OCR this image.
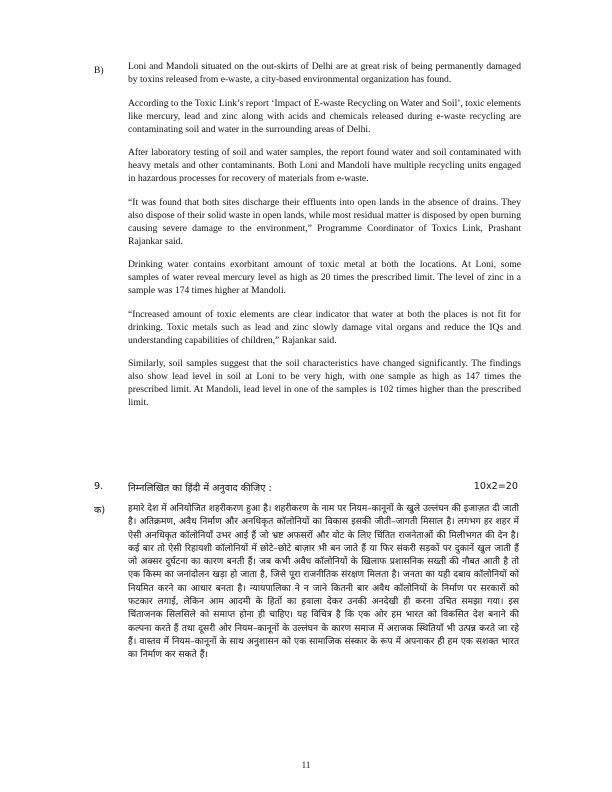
B)	Loni and Mandoli situated on the out-skirts of Delhi are at great risk of being permanently damaged by toxins released from e-waste, a city-based environmental organization has found.

According to the Toxic Link’s report ‘Impact of E-waste Recycling on Water and Soil’, toxic elements like mercury, lead and zinc along with acids and chemicals released during e-waste recycling are contaminating soil and water in the surrounding areas of Delhi.

After laboratory testing of soil and water samples, the report found water and soil contaminated with heavy metals and other contaminants. Both Loni and Mandoli have multiple recycling units engaged in hazardous processes for recovery of materials from e-waste.

“It was found that both sites discharge their effluents into open lands in the absence of drains. They also dispose of their solid waste in open lands, while most residual matter is disposed by open burning causing severe damage to the environment,” Programme Coordinator of Toxics Link, Prashant Rajankar said.

Drinking water contains exorbitant amount of toxic metal at both the locations. At Loni, some samples of water reveal mercury level as high as 20 times the prescribed limit. The level of zinc in a sample was 174 times higher at Mandoli.

“Increased amount of toxic elements are clear indicator that water at both the places is not fit for drinking. Toxic metals such as lead and zinc slowly damage vital organs and reduce the IQs and understanding capabilities of children,” Rajankar said.

Similarly, soil samples suggest that the soil characteristics have changed significantly. The findings also show lead level in soil at Loni to be very high, with one sample as high as 147 times the prescribed limit. At Mandoli, lead level in one of the samples is 102 times higher than the prescribed limit.

9.	निम्नलिखित का हिंदी में अनुवाद कीजिए :	10x2=20
क)	हमारे देश में अनियोजित शहरीकरण हुआ है। शहरीकरण के नाम पर नियम–कानूनों के खुले उल्लंघन की इजाज़त दी जाती है। अतिक्रमण, अवैध निर्माण और अनधिकृत कॉलोनियों का विकास इसकी जीती–जागती मिसाल है। लगभग हर शहर में ऐसी अनधिकृत कॉलोनियाँ उभर आई हैं जो भ्रष्ट अफसरों और वोट के लिए चिंतित राजनेताओं की मिलीभगत की देन है। कई बार तो ऐसी रिहायशी कॉलोनियों में छोटे–छोटे बाज़ार भी बन जाते हैं या फिर संकरी सड़कों पर दुकानें खुल जाती हैं जो अक्सर दुर्घटना का कारण बनती हैं। जब कभी अवैध कॉलोनियों के खिलाफ प्रशासनिक सख्ती की नौबत आती है तो एक किस्म का जनांदोलन खड़ा हो जाता है, जिसे पूरा राजनीतिक संरक्षण मिलता है। जनता का यही दबाव कॉलोनियों को नियमित करने का आधार बनता है। न्यायपालिका ने न जाने कितनी बार अवैध कॉलोनियों के निर्माण पर सरकारों को फटकार लगाई, लेकिन आम आदमी के हितों का हवाला देकर उनकी अनदेखी ही करना उचित समझा गया। इस चिंताजनक सिलसिले को समाप्त होना ही चाहिए। यह विचित्र है कि एक ओर हम भारत को विकसित देश बनाने की कल्पना करते हैं तथा दूसरी ओर नियम–कानूनों के उल्लंघन के कारण समाज में अराजक स्थितियाँ भी उत्पन्न करते जा रहे हैं। वास्तव में नियम–कानूनों के साथ अनुशासन को एक सामाजिक संस्कार के रूप में अपनाकर ही हम एक सशक्त भारत का निर्माण कर सकते हैं।

11
